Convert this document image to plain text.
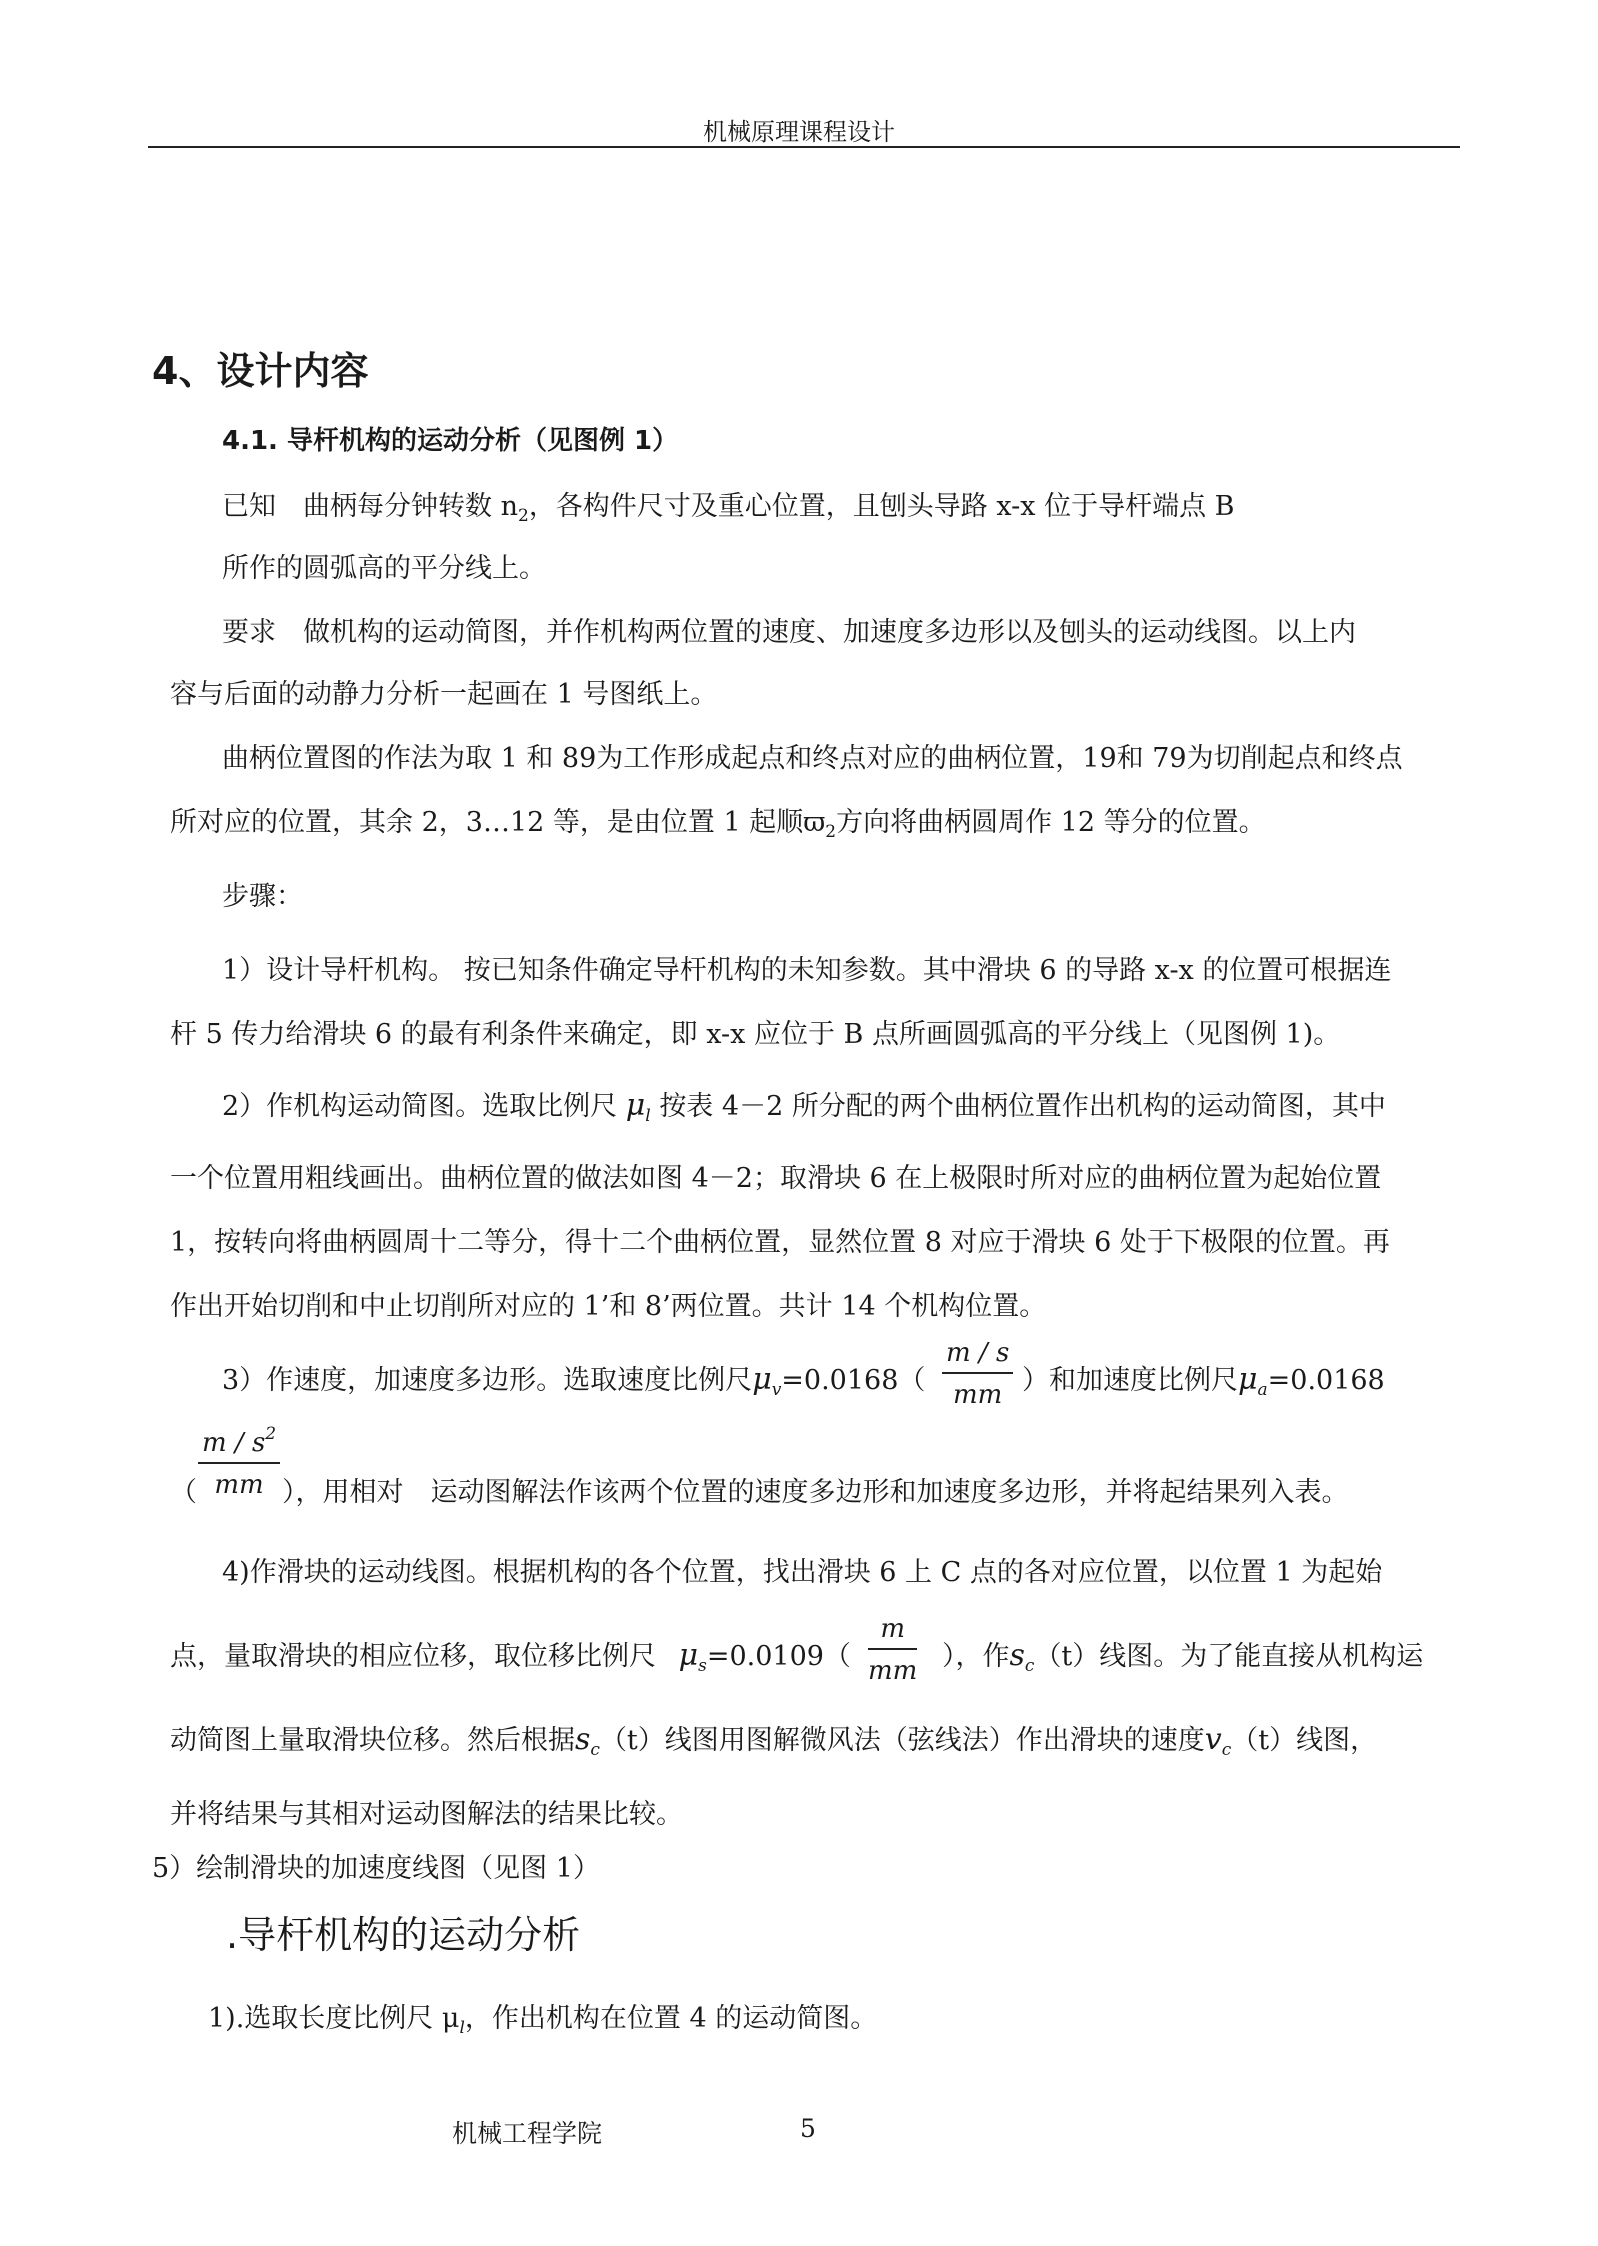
机械原理课程设计
4、设计内容
4.1. 导杆机构的运动分析（见图例 1）
已知　曲柄每分钟转数 $n_2$，各构件尺寸及重心位置，且刨头导路 x-x 位于导杆端点 B
所作的圆弧高的平分线上。
要求　做机构的运动简图，并作机构两位置的速度、加速度多边形以及刨头的运动线图。以上内
容与后面的动静力分析一起画在 1 号图纸上。
曲柄位置图的作法为取 1 和 89为工作形成起点和终点对应的曲柄位置，19和 79为切削起点和终点
所对应的位置，其余 2，3…12 等，是由位置 1 起顺$ϖ_2$方向将曲柄圆周作 12 等分的位置。
步骤：
1）设计导杆机构。 按已知条件确定导杆机构的未知参数。其中滑块 6 的导路 x-x 的位置可根据连
杆 5 传力给滑块 6 的最有利条件来确定，即 x-x 应位于 B 点所画圆弧高的平分线上（见图例 1)。
2）作机构运动简图。选取比例尺 $\mu_l$ 按表 4－2 所分配的两个曲柄位置作出机构的运动简图，其中
一个位置用粗线画出。曲柄位置的做法如图 4－2；取滑块 6 在上极限时所对应的曲柄位置为起始位置
1，按转向将曲柄圆周十二等分，得十二个曲柄位置，显然位置 8 对应于滑块 6 处于下极限的位置。再
作出开始切削和中止切削所对应的 1’和 8’两位置。共计 14 个机构位置。
3）作速度，加速度多边形。选取速度比例尺$\mu_v=0.0168$（
m / s
mm ）和加速度比例尺$\mu_a=0.0168$
（
m / $s^2$
mm ），用相对　运动图解法作该两个位置的速度多边形和加速度多边形，并将起结果列入表。
4)作滑块的运动线图。根据机构的各个位置，找出滑块 6 上 C 点的各对应位置，以位置 1 为起始
点，量取滑块的相应位移，取位移比例尺 $\mu_s=0.0109$（
m
mm ），作$s_c(t)$线图。为了能直接从机构运
动简图上量取滑块位移。然后根据$s_c(t)$线图用图解微风法（弦线法）作出滑块的速度$v_c(t)$线图，
并将结果与其相对运动图解法的结果比较。
5）绘制滑块的加速度线图（见图 1）
.导杆机构的运动分析
1).选取长度比例尺 $\mu_l$，作出机构在位置 4 的运动简图。
机械工程学院	5
